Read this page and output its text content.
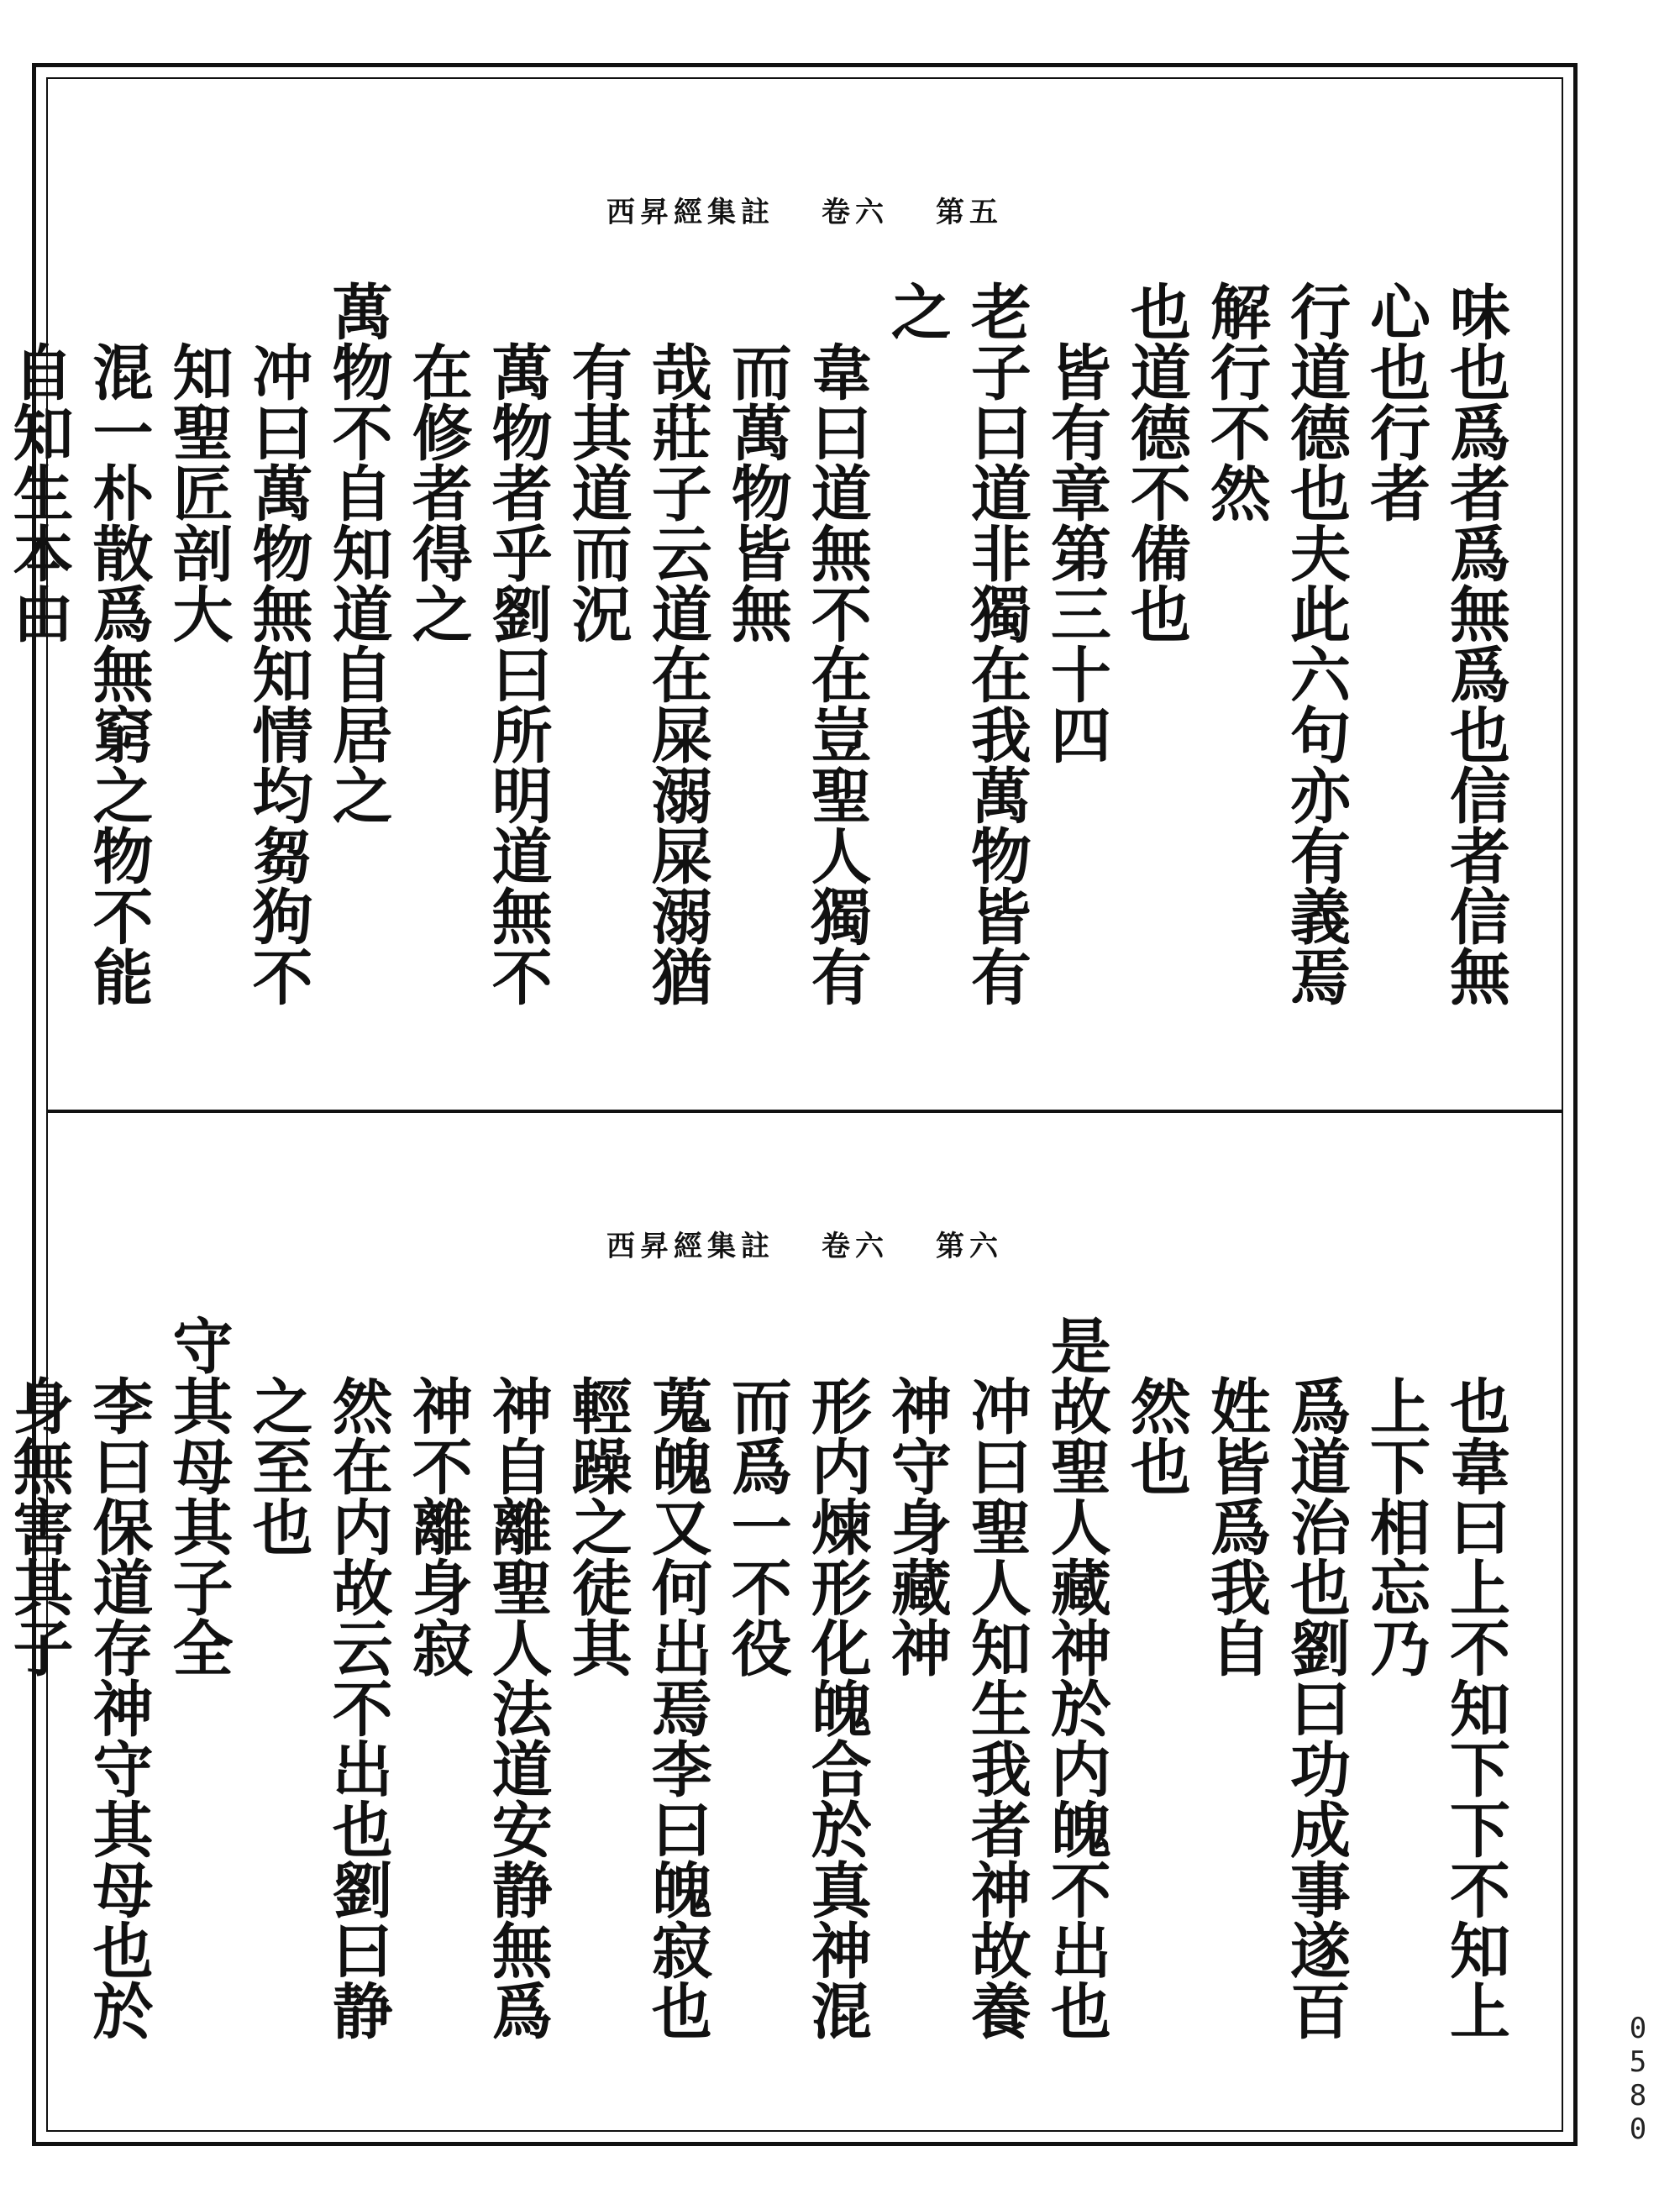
西昇經集註 卷六 第五
味也爲者爲無爲也信者信無心也行者
行道德也夫此六句亦有義焉解行不然
也道德不備也
皆有章第三十四
老子曰道非獨在我萬物皆有之
韋曰道無不在豈聖人獨有而萬物皆無
哉莊子云道在屎溺屎溺猶有其道而況
萬物者乎劉曰所明道無不在修者得之
萬物不自知道自居之
冲曰萬物無知情均芻狗不知聖匠剖大
混一朴散爲無窮之物不能自知生本由
西昇經集註 卷六 第六
也韋曰上不知下下不知上上下相忘乃
爲道治也劉曰功成事遂百姓皆爲我自
然也
是故聖人藏神於内魄不出也
冲曰聖人知生我者神故養神守身藏神
形内煉形化魄合於真神混而爲一不役
蒐魄又何出焉李曰魄寂也輕躁之徒其
神自離聖人法道安静無爲神不離身寂
然在内故云不出也劉曰静之至也
守其母其子全
李曰保道存神守其母也於身無害其子
0580
